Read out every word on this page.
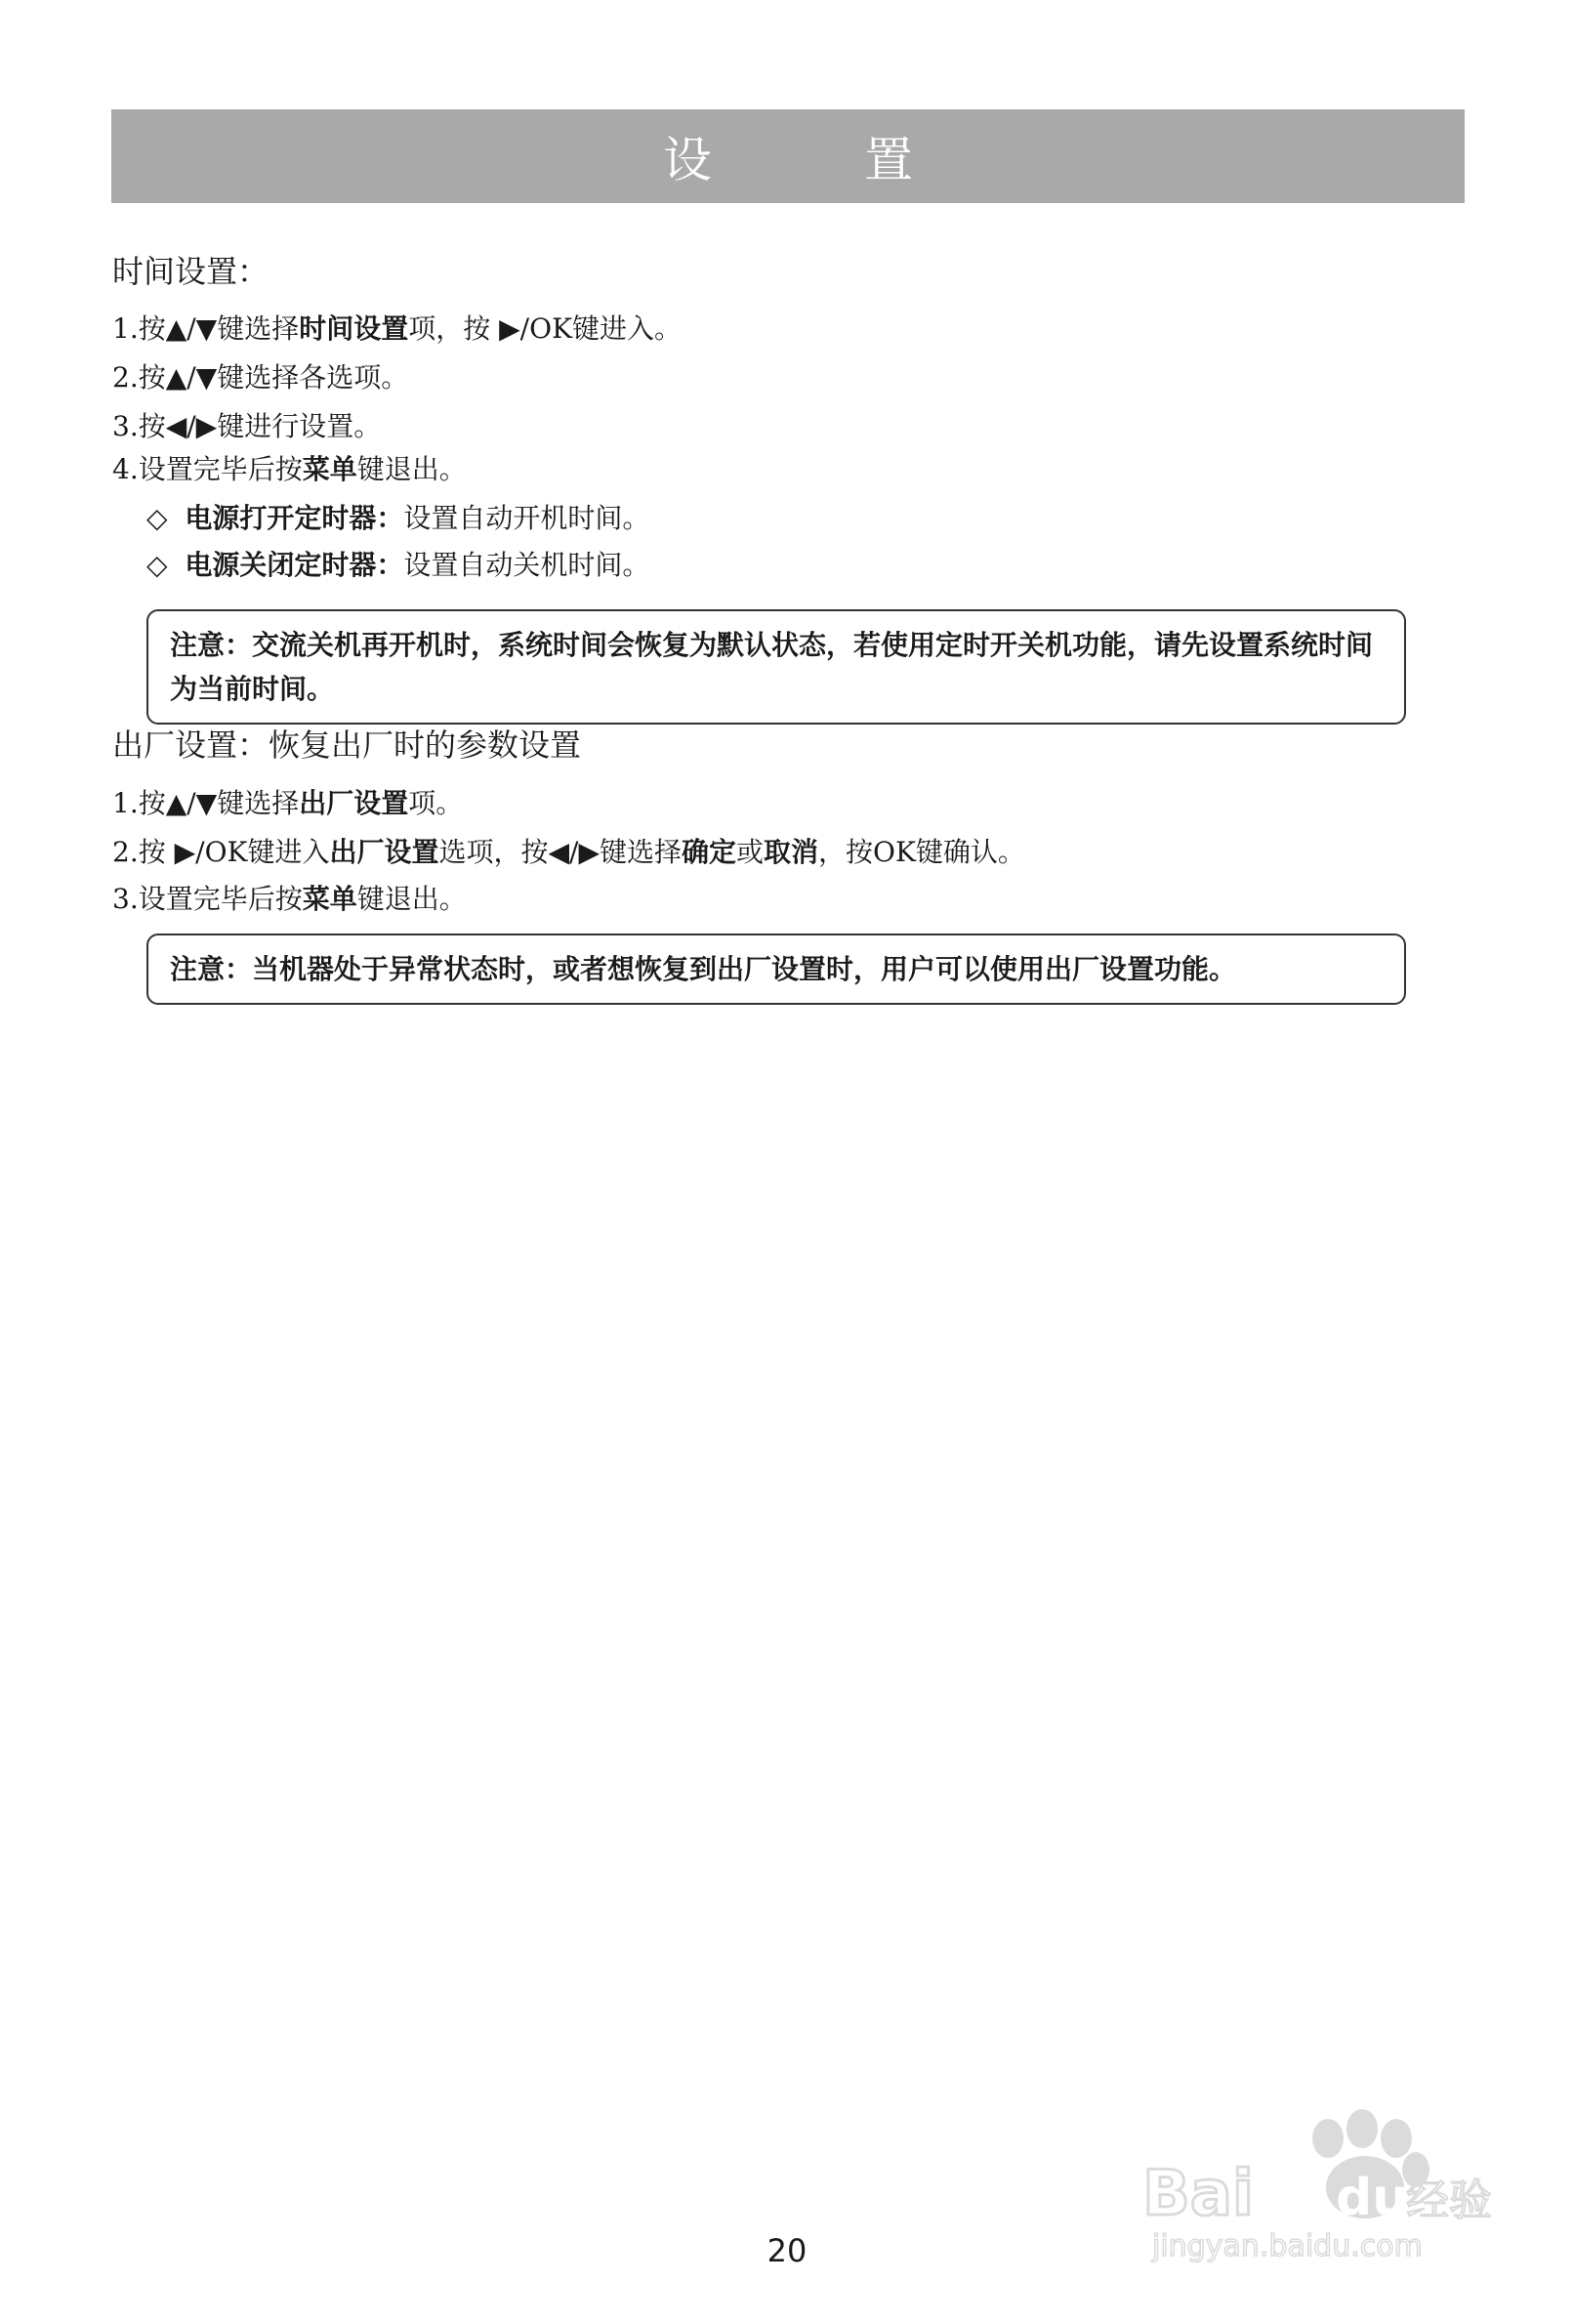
设 置
时间设置：
1.按▲/▼键选择时间设置项，按 ▶/OK键进入。
2.按▲/▼键选择各选项。
3.按◀/▶键进行设置。
4.设置完毕后按菜单键退出。
◇ 电源打开定时器：设置自动开机时间。
◇ 电源关闭定时器：设置自动关机时间。
注意：交流关机再开机时，系统时间会恢复为默认状态，若使用定时开关机功能，请先设置系统时间为当前时间。
出厂设置：恢复出厂时的参数设置
1.按▲/▼键选择出厂设置项。
2.按 ▶/OK键进入出厂设置选项，按◀/▶键选择确定或取消，按OK键确认。
3.设置完毕后按菜单键退出。
注意：当机器处于异常状态时，或者想恢复到出厂设置时，用户可以使用出厂设置功能。
Bai du
经验
jingyan.baidu.com
20
